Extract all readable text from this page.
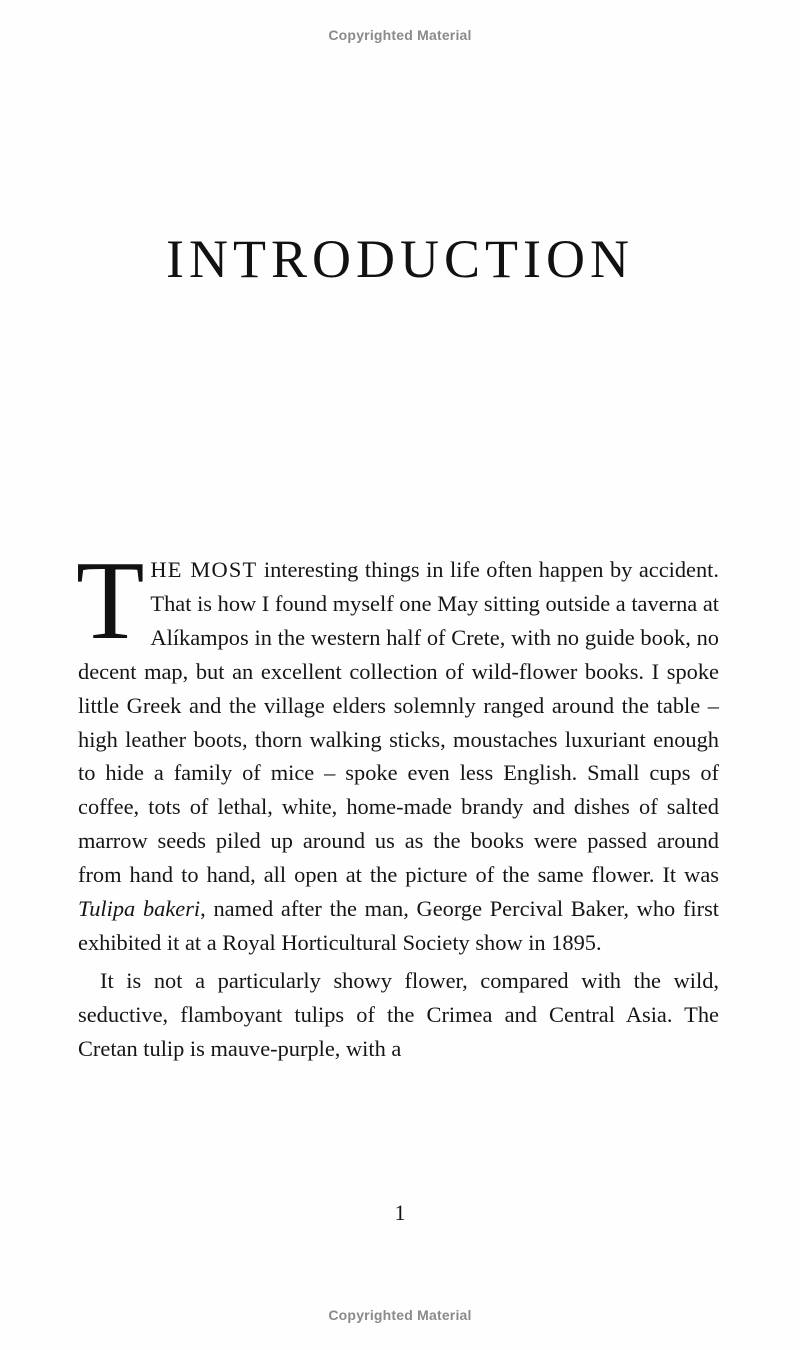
Copyrighted Material
INTRODUCTION

THE MOST interesting things in life often happen by accident. That is how I found myself one May sitting outside a taverna at Alíkampos in the western half of Crete, with no guide book, no decent map, but an excellent collection of wild-flower books. I spoke little Greek and the village elders solemnly ranged around the table – high leather boots, thorn walking sticks, moustaches luxuriant enough to hide a family of mice – spoke even less English. Small cups of coffee, tots of lethal, white, home-made brandy and dishes of salted marrow seeds piled up around us as the books were passed around from hand to hand, all open at the picture of the same flower. It was Tulipa bakeri, named after the man, George Percival Baker, who first exhibited it at a Royal Horticultural Society show in 1895.

It is not a particularly showy flower, compared with the wild, seductive, flamboyant tulips of the Crimea and Central Asia. The Cretan tulip is mauve-purple, with a

1
Copyrighted Material
